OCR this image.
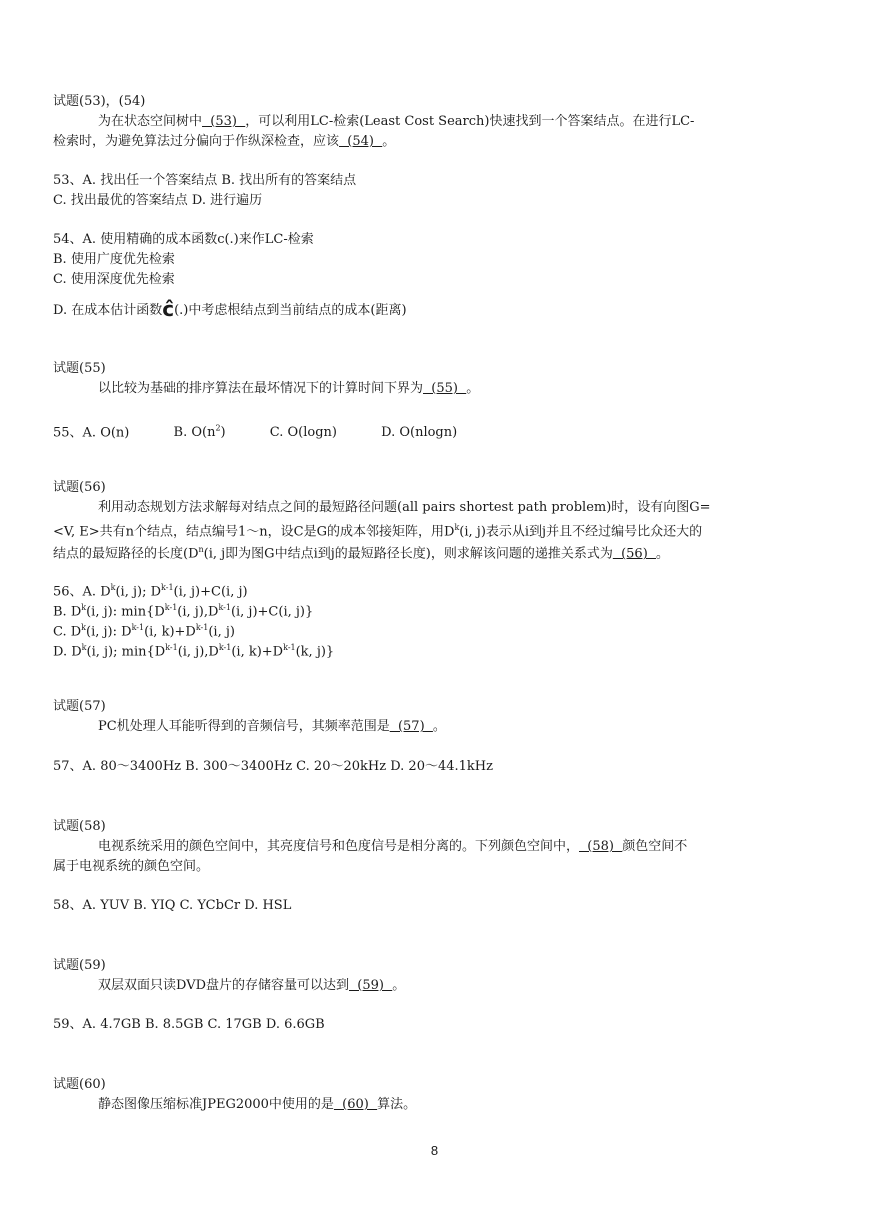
试题(53)，(54)
为在状态空间树中  (53)  ，可以利用LC-检索(Least Cost Search)快速找到一个答案结点。在进行LC-
检索时，为避免算法过分偏向于作纵深检查，应该  (54)  。
53、A. 找出任一个答案结点 B. 找出所有的答案结点
C. 找出最优的答案结点 D. 进行遍历
54、A. 使用精确的成本函数c(.)来作LC-检索
B. 使用广度优先检索
C. 使用深度优先检索
D. 在成本估计函数ĉ(.)中考虑根结点到当前结点的成本(距离)
试题(55)
以比较为基础的排序算法在最坏情况下的计算时间下界为  (55)  。
55、A. O(n)	B. $O(n^2)$	C. O(logn)	D. O(nlogn)
试题(56)
利用动态规划方法求解每对结点之间的最短路径问题(all pairs shortest path problem)时，设有向图G=
<V, E>共有n个结点，结点编号1～n，设C是G的成本邻接矩阵，用$D^k(i$, j)表示从i到j并且不经过编号比众还大的
结点的最短路径的长度($D^n(i$, j即为图G中结点i到j的最短路径长度)，则求解该问题的递推关系式为  (56)  。
56、A. $D^k(i$, j); $D^{k-1}(i$, j)+C(i, j)
B. $D^k(i$, j): $\min\{D^{k-1}(i$, $j),D^{k-1}(i$, j)+C(i, j)}
C. $D^k(i$, j): $D^{k-1}(i$, $k)+D^{k-1}(i$, j)
D. $D^k(i$, j); $\min\{D^{k-1}(i$, $j),D^{k-1}(i$, $k)+D^{k-1}(k$, j)}
试题(57)
PC机处理人耳能听得到的音频信号，其频率范围是  (57)  。
57、A. 80～3400Hz B. 300～3400Hz C. 20～20kHz D. 20～44.1kHz
试题(58)
电视系统采用的颜色空间中，其亮度信号和色度信号是相分离的。下列颜色空间中，  (58)  颜色空间不
属于电视系统的颜色空间。
58、A. YUV B. YIQ C. YCbCr D. HSL
试题(59)
双层双面只读DVD盘片的存储容量可以达到  (59)  。
59、A. 4.7GB B. 8.5GB C. 17GB D. 6.6GB
试题(60)
静态图像压缩标准JPEG2000中使用的是  (60)  算法。
8
